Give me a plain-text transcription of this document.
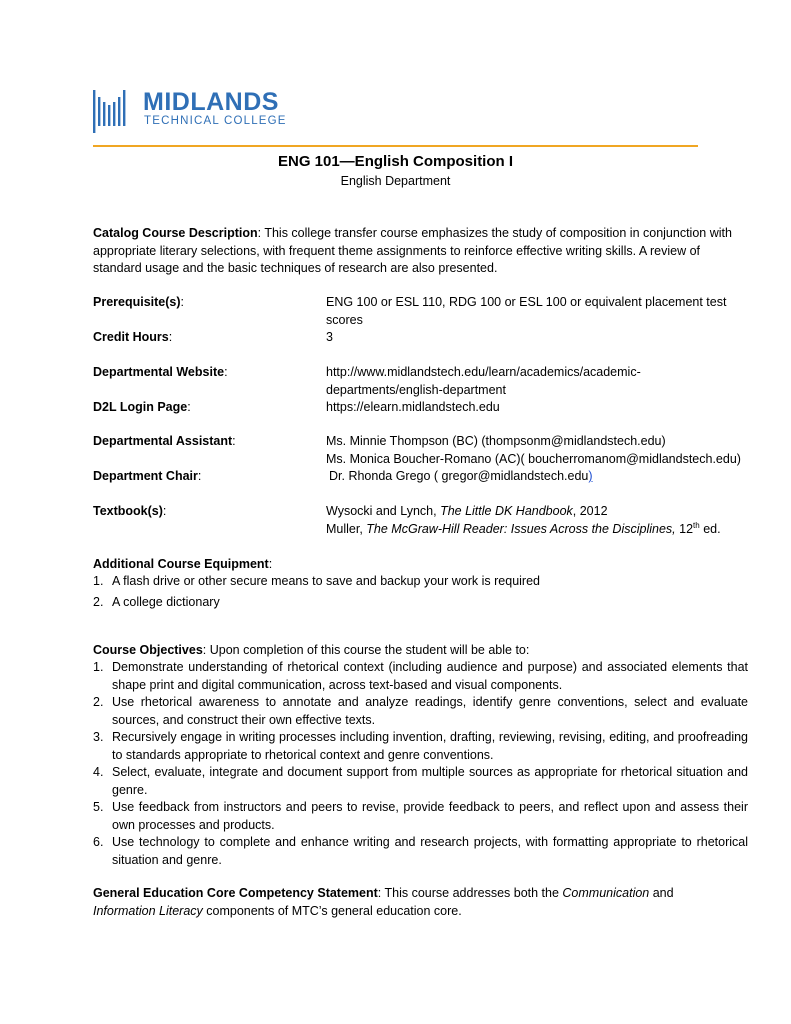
MIDLANDS
TECHNICAL COLLEGE
ENG 101—English Composition I
English Department
Catalog Course Description: This college transfer course emphasizes the study of composition in conjunction with appropriate literary selections, with frequent theme assignments to reinforce effective writing skills. A review of standard usage and the basic techniques of research are also presented.
Prerequisite(s):	ENG 100 or ESL 110, RDG 100 or ESL 100 or equivalent placement test scores
Credit Hours:	3
Departmental Website:	http://www.midlandstech.edu/learn/academics/academic-departments/english-department
D2L Login Page:	https://elearn.midlandstech.edu
Departmental Assistant:	Ms. Minnie Thompson (BC) (thompsonm@midlandstech.edu)
Ms. Monica Boucher-Romano (AC)( boucherromanom@midlandstech.edu)
Department Chair:	Dr. Rhonda Grego ( gregor@midlandstech.edu)
Textbook(s):	Wysocki and Lynch, The Little DK Handbook, 2012
Muller, The McGraw-Hill Reader: Issues Across the Disciplines, 12th ed.
Additional Course Equipment:
1. A flash drive or other secure means to save and backup your work is required
2. A college dictionary
Course Objectives: Upon completion of this course the student will be able to:
1. Demonstrate understanding of rhetorical context (including audience and purpose) and associated elements that shape print and digital communication, across text-based and visual components.
2. Use rhetorical awareness to annotate and analyze readings, identify genre conventions, select and evaluate sources, and construct their own effective texts.
3. Recursively engage in writing processes including invention, drafting, reviewing, revising, editing, and proofreading to standards appropriate to rhetorical context and genre conventions.
4. Select, evaluate, integrate and document support from multiple sources as appropriate for rhetorical situation and genre.
5. Use feedback from instructors and peers to revise, provide feedback to peers, and reflect upon and assess their own processes and products.
6. Use technology to complete and enhance writing and research projects, with formatting appropriate to rhetorical situation and genre.
General Education Core Competency Statement: This course addresses both the Communication and Information Literacy components of MTC’s general education core.
